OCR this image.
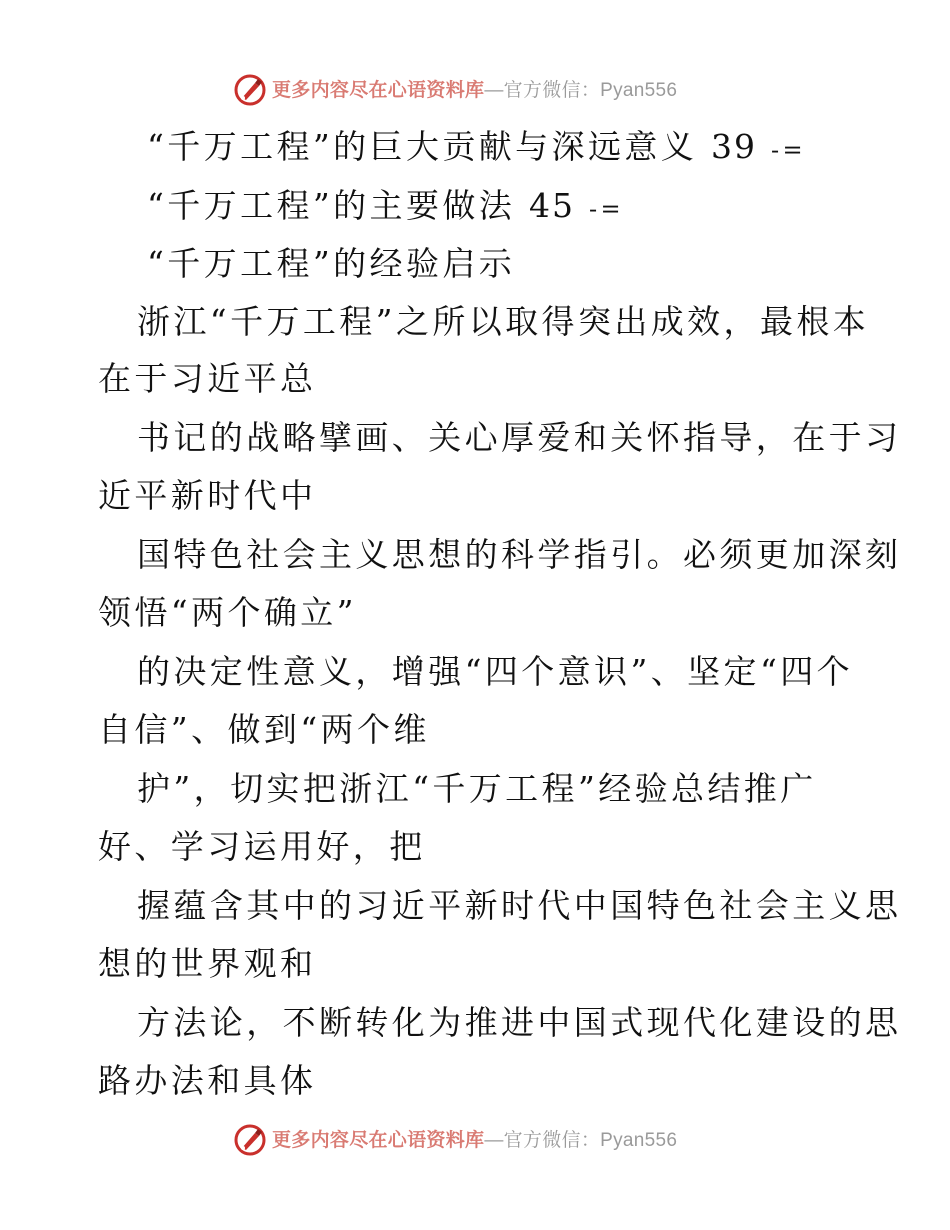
更多内容尽在心语资料库—官方微信：Pyan556
“千万工程”的巨大贡献与深远意义 39 -=
“千万工程”的主要做法 45 -=
“千万工程”的经验启示
浙江“千万工程”之所以取得突出成效，最根本
在于习近平总
书记的战略擘画、关心厚爱和关怀指导，在于习
近平新时代中
国特色社会主义思想的科学指引。必须更加深刻
领悟“两个确立”
的决定性意义，增强“四个意识”、坚定“四个
自信”、做到“两个维
护”，切实把浙江“千万工程”经验总结推广
好、学习运用好，把
握蕴含其中的习近平新时代中国特色社会主义思
想的世界观和
方法论，不断转化为推进中国式现代化建设的思
路办法和具体
更多内容尽在心语资料库—官方微信：Pyan556
